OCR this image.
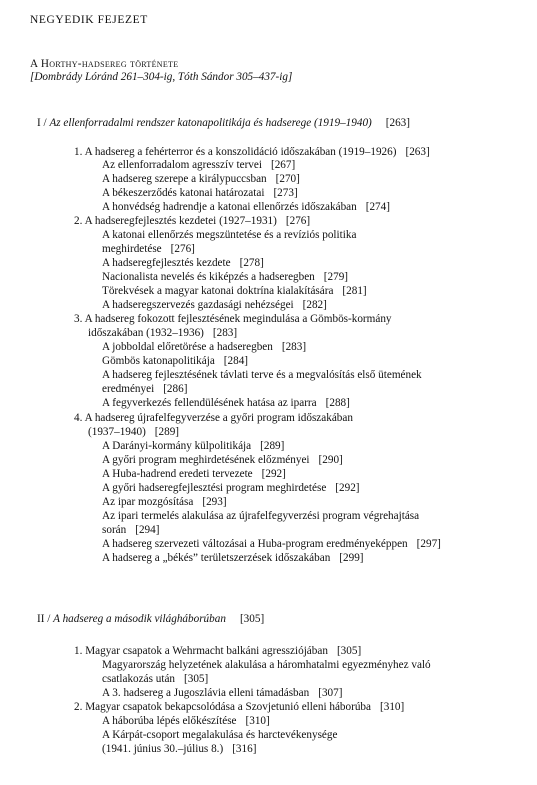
NEGYEDIK FEJEZET
A Horthy-hadsereg története
[Dombrády Lóránd 261–304-ig, Tóth Sándor 305–437-ig]
I / Az ellenforradalmi rendszer katonapolitikája és hadserege (1919–1940) [263]
1. A hadsereg a fehérterror és a konszolidáció időszakában (1919–1926) [263]
Az ellenforradalom agresszív tervei [267]
A hadsereg szerepe a királypuccsban [270]
A békeszerződés katonai határozatai [273]
A honvédség hadrendje a katonai ellenőrzés időszakában [274]
2. A hadseregfejlesztés kezdetei (1927–1931) [276]
A katonai ellenőrzés megszüntetése és a revíziós politika
meghirdetése [276]
A hadseregfejlesztés kezdete [278]
Nacionalista nevelés és kiképzés a hadseregben [279]
Törekvések a magyar katonai doktrína kialakítására [281]
A hadseregszervezés gazdasági nehézségei [282]
3. A hadsereg fokozott fejlesztésének megindulása a Gömbös-kormány
időszakában (1932–1936) [283]
A jobboldal előretörése a hadseregben [283]
Gömbös katonapolitikája [284]
A hadsereg fejlesztésének távlati terve és a megvalósítás első ütemének
eredményei [286]
A fegyverkezés fellendülésének hatása az iparra [288]
4. A hadsereg újrafelfegyverzése a győri program időszakában
(1937–1940) [289]
A Darányi-kormány külpolitikája [289]
A győri program meghirdetésének előzményei [290]
A Huba-hadrend eredeti tervezete [292]
A győri hadseregfejlesztési program meghirdetése [292]
Az ipar mozgósítása [293]
Az ipari termelés alakulása az újrafelfegyverzési program végrehajtása
során [294]
A hadsereg szervezeti változásai a Huba-program eredményeképpen [297]
A hadsereg a „békés” területszerzések időszakában [299]
II / A hadsereg a második világháborúban [305]
1. Magyar csapatok a Wehrmacht balkáni agressziójában [305]
Magyarország helyzetének alakulása a háromhatalmi egyezményhez való
csatlakozás után [305]
A 3. hadsereg a Jugoszlávia elleni támadásban [307]
2. Magyar csapatok bekapcsolódása a Szovjetunió elleni háborúba [310]
A háborúba lépés előkészítése [310]
A Kárpát-csoport megalakulása és harctevékenysége
(1941. június 30.–július 8.) [316]
